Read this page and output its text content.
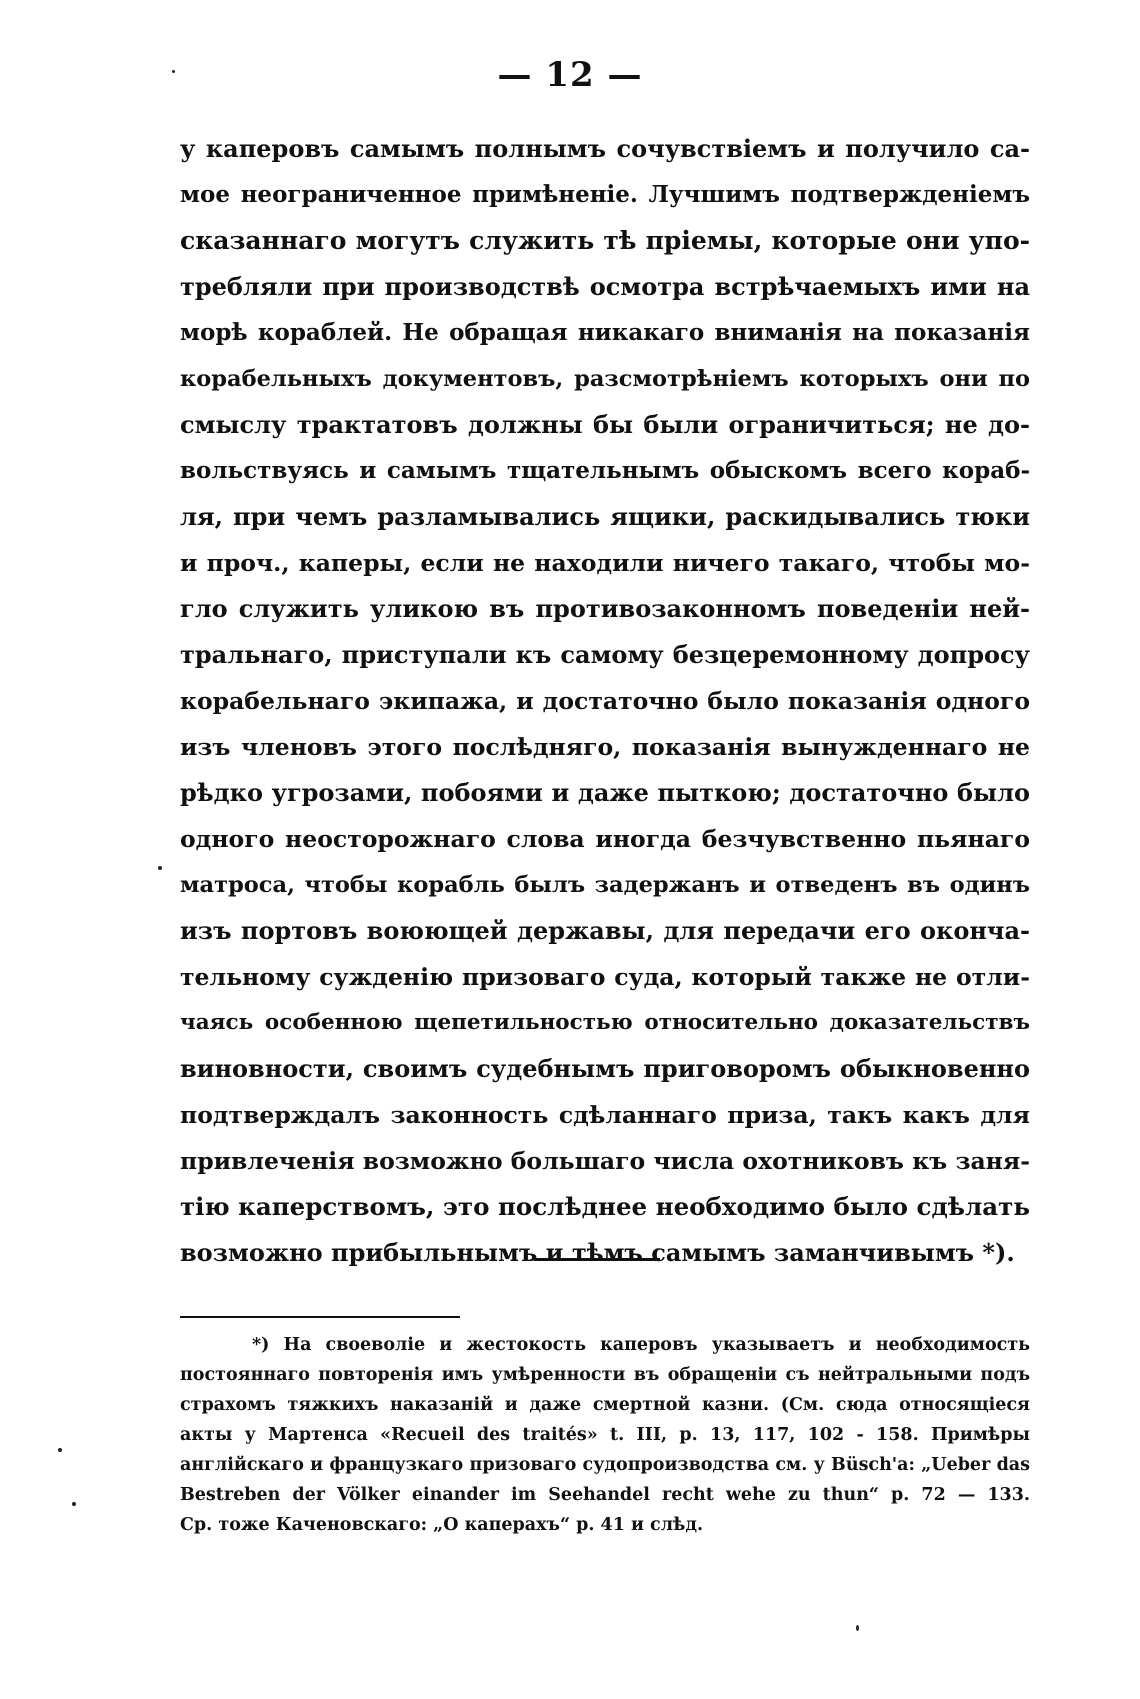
— 12 —
у каперовъ самымъ полнымъ сочувствіемъ и получило са-
мое неограниченное примѣненіе. Лучшимъ подтвержденіемъ
сказаннаго могутъ служить тѣ пріемы, которые они упо-
требляли при производствѣ осмотра встрѣчаемыхъ ими на
морѣ кораблей. Не обращая никакаго вниманія на показанія
корабельныхъ документовъ, разсмотрѣніемъ которыхъ они по
смыслу трактатовъ должны бы были ограничиться; не до-
вольствуясь и самымъ тщательнымъ обыскомъ всего кораб-
ля, при чемъ разламывались ящики, раскидывались тюки
и проч., каперы, если не находили ничего такаго, чтобы мо-
гло служить уликою въ противозаконномъ поведеніи ней-
тральнаго, приступали къ самому безцеремонному допросу
корабельнаго экипажа, и достаточно было показанія одного
изъ членовъ этого послѣдняго, показанія вынужденнаго не
рѣдко угрозами, побоями и даже пыткою; достаточно было
одного неосторожнаго слова иногда безчувственно пьянаго
матроса, чтобы корабль былъ задержанъ и отведенъ въ одинъ
изъ портовъ воюющей державы, для передачи его оконча-
тельному сужденію призоваго суда, который также не отли-
чаясь особенною щепетильностью относительно доказательствъ
виновности, своимъ судебнымъ приговоромъ обыкновенно
подтверждалъ законность сдѣланнаго приза, такъ какъ для
привлеченія возможно большаго числа охотниковъ къ заня-
тію каперствомъ, это послѣднее необходимо было сдѣлать
возможно прибыльнымъ и тѣмъ самымъ заманчивымъ *).
*) На своеволіе и жестокость каперовъ указываетъ и необходимость
постояннаго повторенія имъ умѣренности въ обращеніи съ нейтральными подъ
страхомъ тяжкихъ наказаній и даже смертной казни. (См. сюда относящіеся
акты у Мартенса «Recueil des traités» t. III, p. 13, 117, 102 - 158. Примѣры
англійскаго и французкаго призоваго судопроизводства см. у Büsch'a: „Ueber das
Bestreben der Völker einander im Seehandel recht wehe zu thun“ p. 72 — 133.
Ср. тоже Каченовскаго: „О каперахъ“ p. 41 и слѣд.
